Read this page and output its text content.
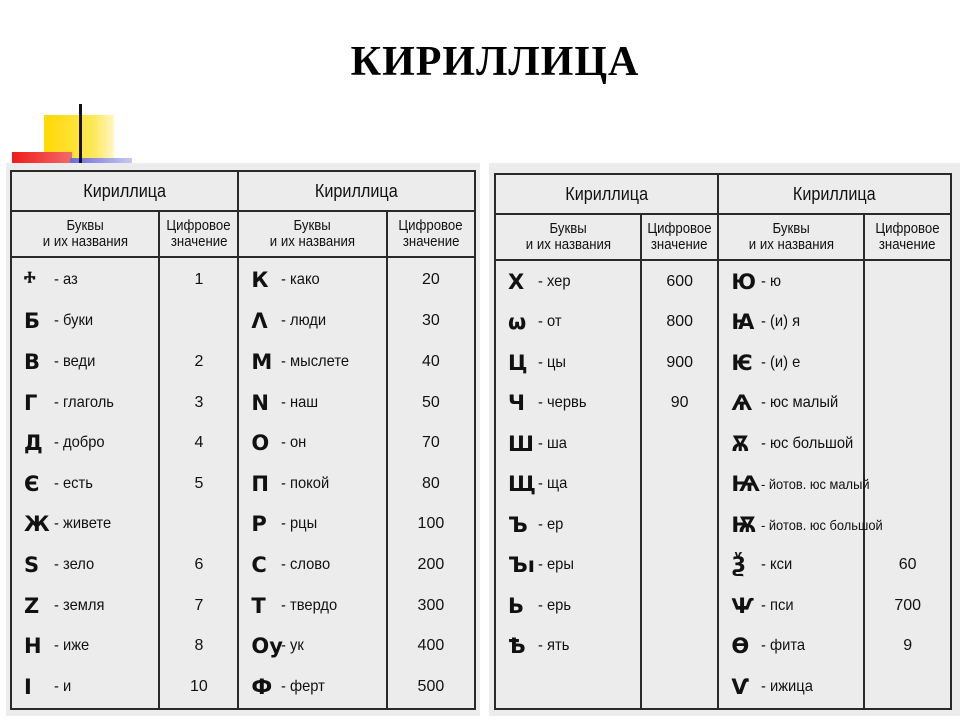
КИРИЛЛИЦА
Кириллица		Кириллица	
Буквы
и их названия	Цифровое
значение	Буквы
и их названия	Цифровое
значение
ⰰ - аз	1	К - како	20
Б - буки		Λ - люди	30
В - веди	2	М - мыслете	40
Г - глаголь	3	N - наш	50
Д - добро	4	О - он	70
Є - есть	5	П - покой	80
Ж - живете		Р - рцы	100
Ѕ - зело	6	С - слово	200
Ζ - земля	7	Т - твердо	300
Н - иже	8	Оу- ук	400
І - и	10	Ф - ферт	500
Кириллица		Кириллица	
Буквы
и их названия	Цифровое
значение	Буквы
и их названия	Цифровое
значение
Х - хер	600	Ю - ю	
ω - от	800	Ꙗ - (и) я	
Ц - цы	900	Ѥ - (и) е	
Ч - червь	90	Ѧ - юс малый	
Ш - ша		Ѫ - юс большой	
Щ - ща		Ѩ- йотов. юс малый	
Ъ - ер		Ѭ - йотов. юс большой	
Ъı - еры		Ѯ - кси	60
Ь - ерь		Ѱ - пси	700
Ѣ - ять		Ѳ - фита	9
		Ѵ - ижица	
